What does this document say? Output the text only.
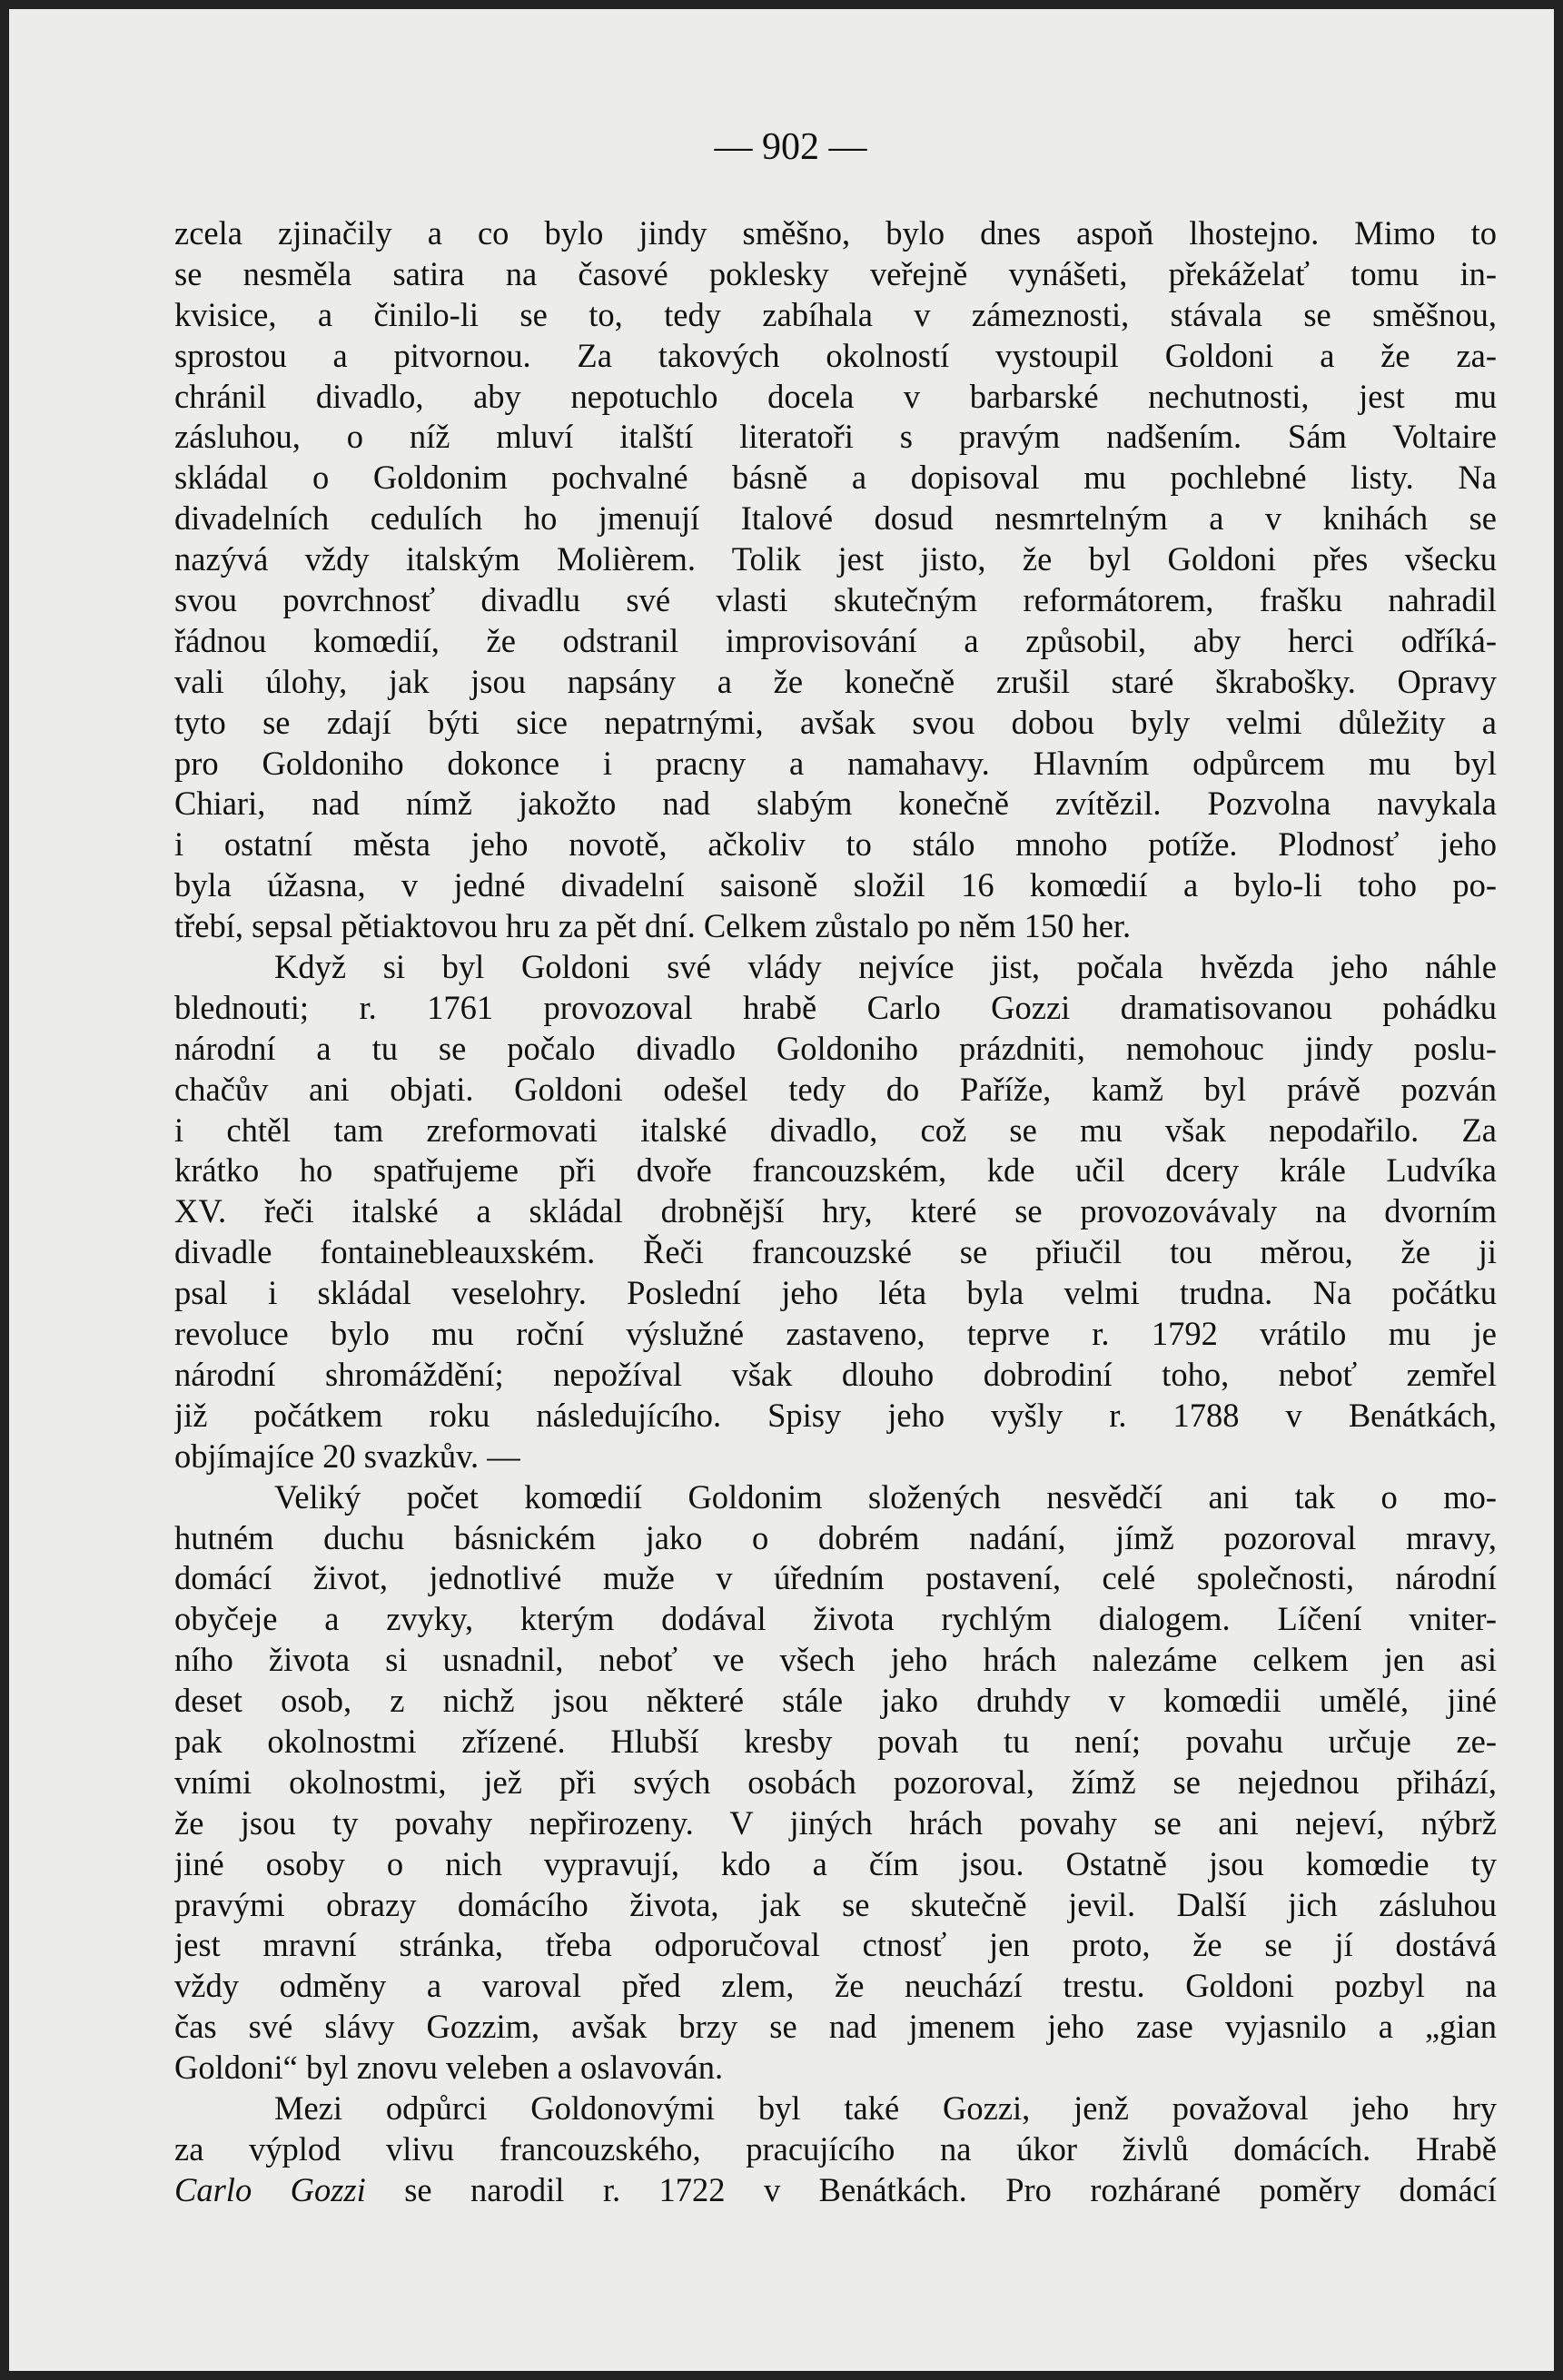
— 902 —
zcela zjinačily a co bylo jindy směšno, bylo dnes aspoň lhostejno. Mimo to
se nesměla satira na časové poklesky veřejně vynášeti, překáželať tomu in-
kvisice, a činilo-li se to, tedy zabíhala v zámeznosti, stávala se směšnou,
sprostou a pitvornou. Za takových okolností vystoupil Goldoni a že za-
chránil divadlo, aby nepotuchlo docela v barbarské nechutnosti, jest mu
zásluhou, o níž mluví italští literatoři s pravým nadšením. Sám Voltaire
skládal o Goldonim pochvalné básně a dopisoval mu pochlebné listy. Na
divadelních cedulích ho jmenují Italové dosud nesmrtelným a v knihách se
nazývá vždy italským Molièrem. Tolik jest jisto, že byl Goldoni přes všecku
svou povrchnosť divadlu své vlasti skutečným reformátorem, frašku nahradil
řádnou komœdií, že odstranil improvisování a způsobil, aby herci odříká-
vali úlohy, jak jsou napsány a že konečně zrušil staré škrabošky. Opravy
tyto se zdají býti sice nepatrnými, avšak svou dobou byly velmi důležity a
pro Goldoniho dokonce i pracny a namahavy. Hlavním odpůrcem mu byl
Chiari, nad nímž jakožto nad slabým konečně zvítězil. Pozvolna navykala
i ostatní města jeho novotě, ačkoliv to stálo mnoho potíže. Plodnosť jeho
byla úžasna, v jedné divadelní saisoně složil 16 komœdií a bylo-li toho po-
třebí, sepsal pětiaktovou hru za pět dní. Celkem zůstalo po něm 150 her.
Když si byl Goldoni své vlády nejvíce jist, počala hvězda jeho náhle
blednouti; r. 1761 provozoval hrabě Carlo Gozzi dramatisovanou pohádku
národní a tu se počalo divadlo Goldoniho prázdniti, nemohouc jindy poslu-
chačův ani objati. Goldoni odešel tedy do Paříže, kamž byl právě pozván
i chtěl tam zreformovati italské divadlo, což se mu však nepodařilo. Za
krátko ho spatřujeme při dvoře francouzském, kde učil dcery krále Ludvíka
XV. řeči italské a skládal drobnější hry, které se provozovávaly na dvorním
divadle fontainebleauxském. Řeči francouzské se přiučil tou měrou, že ji
psal i skládal veselohry. Poslední jeho léta byla velmi trudna. Na počátku
revoluce bylo mu roční výslužné zastaveno, teprve r. 1792 vrátilo mu je
národní shromáždění; nepožíval však dlouho dobrodiní toho, neboť zemřel
již počátkem roku následujícího. Spisy jeho vyšly r. 1788 v Benátkách,
objímajíce 20 svazkův. —
Veliký počet komœdií Goldonim složených nesvědčí ani tak o mo-
hutném duchu básnickém jako o dobrém nadání, jímž pozoroval mravy,
domácí život, jednotlivé muže v úředním postavení, celé společnosti, národní
obyčeje a zvyky, kterým dodával života rychlým dialogem. Líčení vniter-
ního života si usnadnil, neboť ve všech jeho hrách nalezáme celkem jen asi
deset osob, z nichž jsou některé stále jako druhdy v komœdii umělé, jiné
pak okolnostmi zřízené. Hlubší kresby povah tu není; povahu určuje ze-
vními okolnostmi, jež při svých osobách pozoroval, žímž se nejednou přihází,
že jsou ty povahy nepřirozeny. V jiných hrách povahy se ani nejeví, nýbrž
jiné osoby o nich vypravují, kdo a čím jsou. Ostatně jsou komœdie ty
pravými obrazy domácího života, jak se skutečně jevil. Další jich zásluhou
jest mravní stránka, třeba odporučoval ctnosť jen proto, že se jí dostává
vždy odměny a varoval před zlem, že neuchází trestu. Goldoni pozbyl na
čas své slávy Gozzim, avšak brzy se nad jmenem jeho zase vyjasnilo a „gian
Goldoni“ byl znovu veleben a oslavován.
Mezi odpůrci Goldonovými byl také Gozzi, jenž považoval jeho hry
za výplod vlivu francouzského, pracujícího na úkor živlů domácích. Hrabě
Carlo Gozzi se narodil r. 1722 v Benátkách. Pro rozhárané poměry domácí
